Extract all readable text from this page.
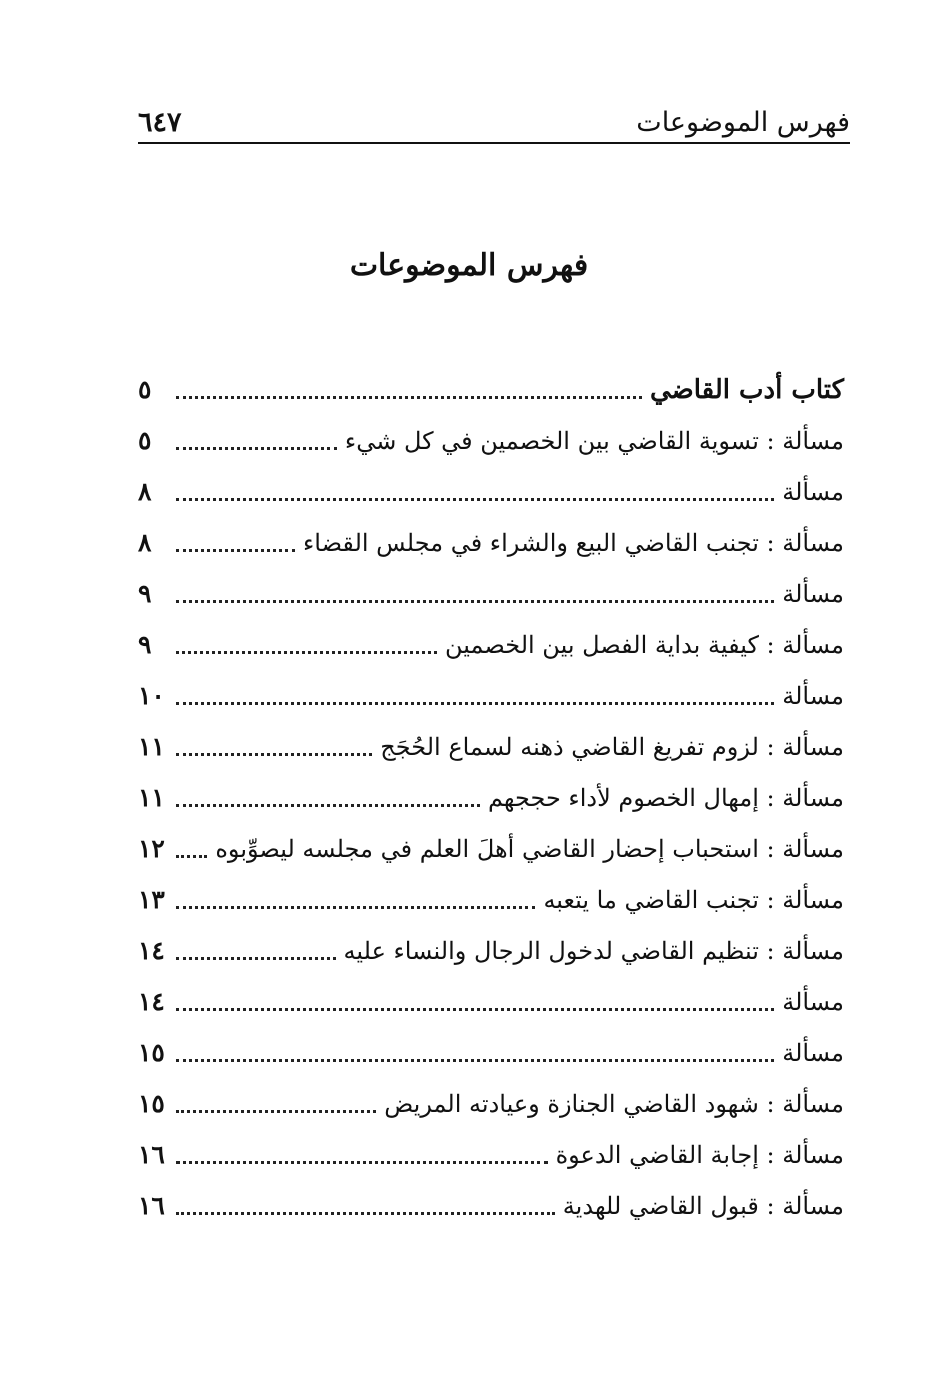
فهرس الموضوعات
٦٤٧
فهرس الموضوعات
كتاب أدب القاضي
٥
مسألة : تسوية القاضي بين الخصمين في كل شيء
٥
مسألة
٨
مسألة : تجنب القاضي البيع والشراء في مجلس القضاء
٨
مسألة
٩
مسألة : كيفية بداية الفصل بين الخصمين
٩
مسألة
١٠
مسألة : لزوم تفريغ القاضي ذهنه لسماع الحُجَج
١١
مسألة : إمهال الخصوم لأداء حججهم
١١
مسألة : استحباب إحضار القاضي أهلَ العلم في مجلسه ليصوِّبوه
١٢
مسألة : تجنب القاضي ما يتعبه
١٣
مسألة : تنظيم القاضي لدخول الرجال والنساء عليه
١٤
مسألة
١٤
مسألة
١٥
مسألة : شهود القاضي الجنازة وعيادته المريض
١٥
مسألة : إجابة القاضي الدعوة
١٦
مسألة : قبول القاضي للهدية
١٦
